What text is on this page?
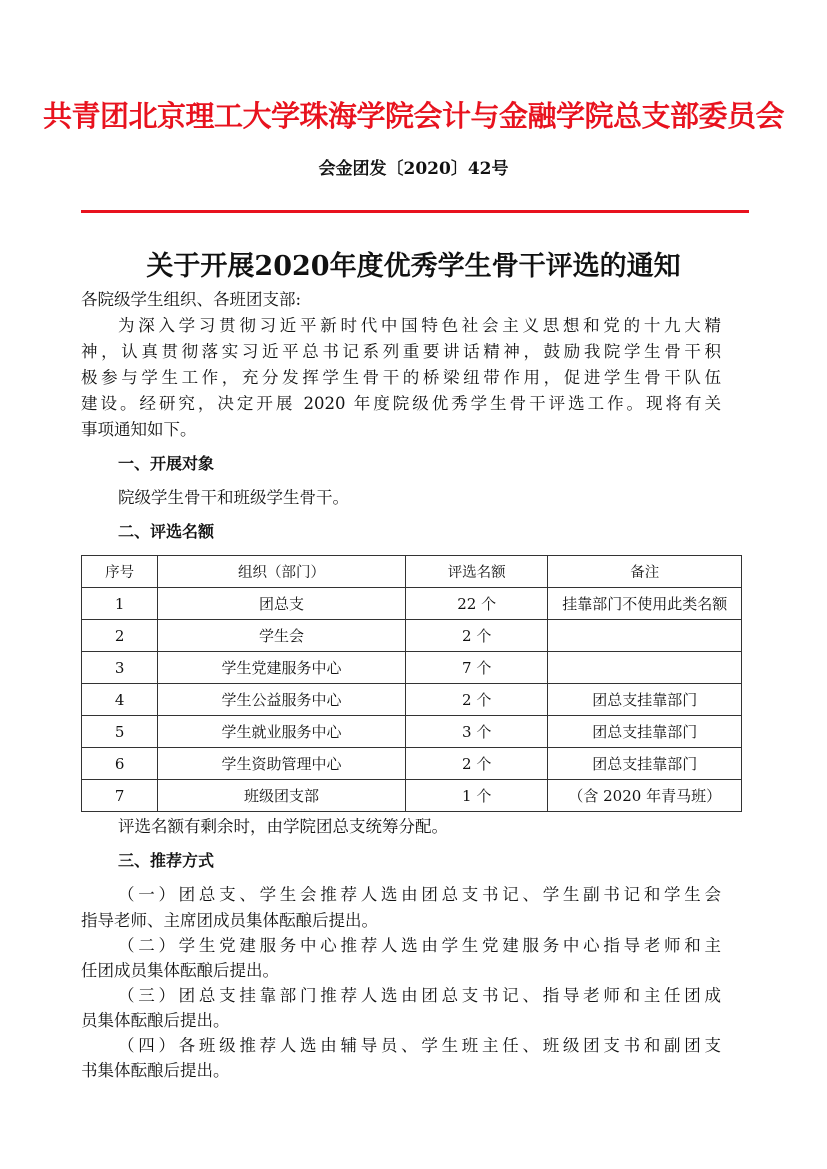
共青团北京理工大学珠海学院会计与金融学院总支部委员会
会金团发〔2020〕42号
关于开展2020年度优秀学生骨干评选的通知
各院级学生组织、各班团支部:
为深入学习贯彻习近平新时代中国特色社会主义思想和党的十九大精
神，认真贯彻落实习近平总书记系列重要讲话精神，鼓励我院学生骨干积
极参与学生工作，充分发挥学生骨干的桥梁纽带作用，促进学生骨干队伍
建设。经研究，决定开展 2020 年度院级优秀学生骨干评选工作。现将有关
事项通知如下。
一、开展对象
院级学生骨干和班级学生骨干。
二、评选名额
序号	组织（部门）	评选名额	备注
1	团总支	22 个	挂靠部门不使用此类名额
2	学生会	2 个	
3	学生党建服务中心	7 个	
4	学生公益服务中心	2 个	团总支挂靠部门
5	学生就业服务中心	3 个	团总支挂靠部门
6	学生资助管理中心	2 个	团总支挂靠部门
7	班级团支部	1 个	（含 2020 年青马班）
评选名额有剩余时，由学院团总支统筹分配。
三、推荐方式
（一）团总支、学生会推荐人选由团总支书记、学生副书记和学生会
指导老师、主席团成员集体酝酿后提出。
（二）学生党建服务中心推荐人选由学生党建服务中心指导老师和主
任团成员集体酝酿后提出。
（三）团总支挂靠部门推荐人选由团总支书记、指导老师和主任团成
员集体酝酿后提出。
（四）各班级推荐人选由辅导员、学生班主任、班级团支书和副团支
书集体酝酿后提出。
